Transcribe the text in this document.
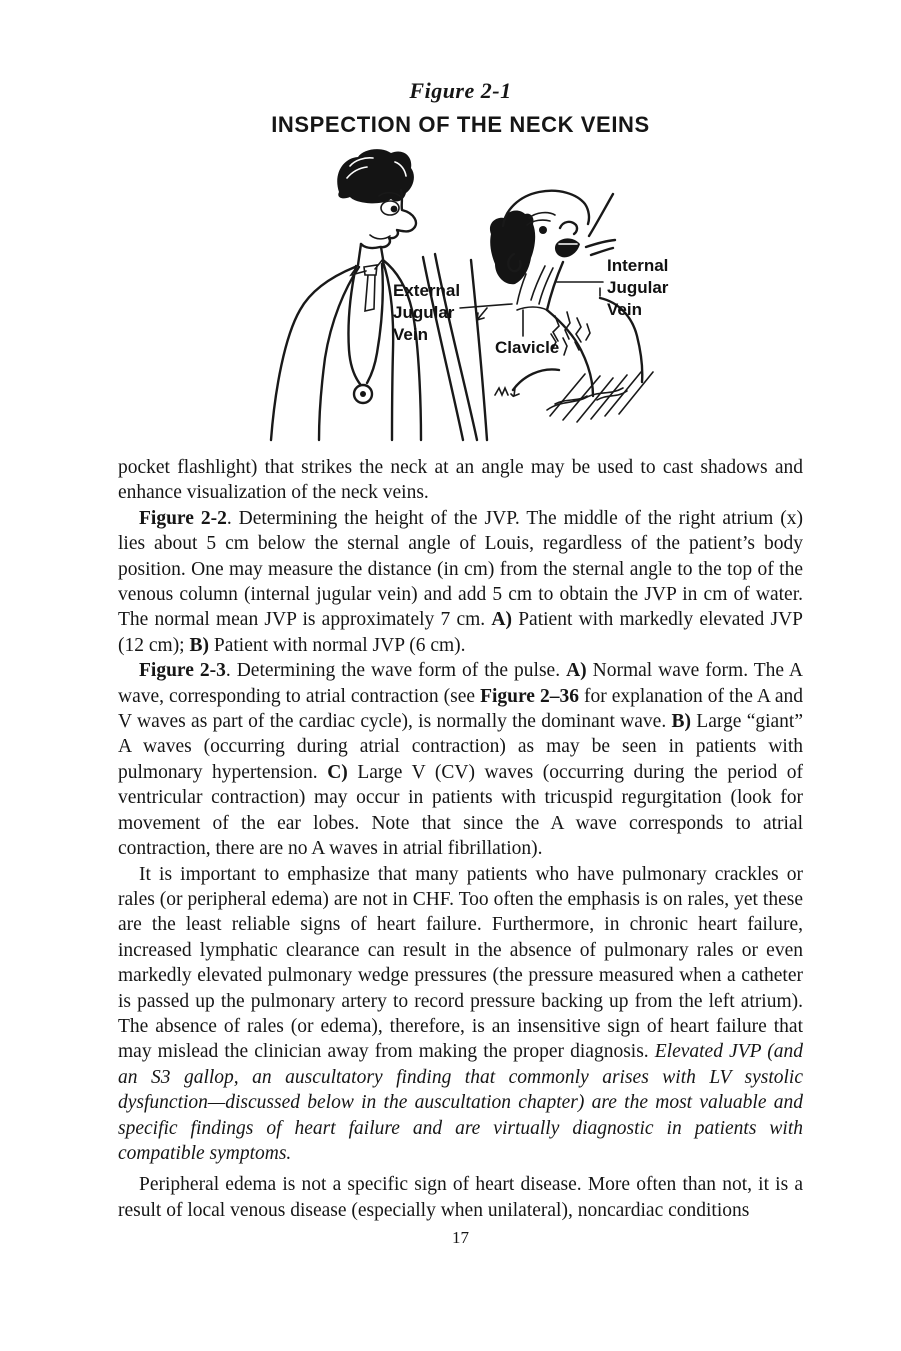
Figure 2-1
INSPECTION OF THE NECK VEINS
External
Jugular
Vein
Internal
Jugular
Vein
Clavicle

pocket flashlight) that strikes the neck at an angle may be used to cast shadows and enhance visualization of the neck veins.

Figure 2-2. Determining the height of the JVP. The middle of the right atrium (x) lies about 5 cm below the sternal angle of Louis, regardless of the patient’s body position. One may measure the distance (in cm) from the sternal angle to the top of the venous column (internal jugular vein) and add 5 cm to obtain the JVP in cm of water. The normal mean JVP is approximately 7 cm. A) Patient with markedly elevated JVP (12 cm); B) Patient with normal JVP (6 cm).

Figure 2-3. Determining the wave form of the pulse. A) Normal wave form. The A wave, corresponding to atrial contraction (see Figure 2–36 for explanation of the A and V waves as part of the cardiac cycle), is normally the dominant wave. B) Large “giant” A waves (occurring during atrial contraction) as may be seen in patients with pulmonary hypertension. C) Large V (CV) waves (occurring during the period of ventricular contraction) may occur in patients with tricuspid regurgitation (look for movement of the ear lobes. Note that since the A wave corresponds to atrial contraction, there are no A waves in atrial fibrillation).

It is important to emphasize that many patients who have pulmonary crackles or rales (or peripheral edema) are not in CHF. Too often the emphasis is on rales, yet these are the least reliable signs of heart failure. Furthermore, in chronic heart failure, increased lymphatic clearance can result in the absence of pulmonary rales or even markedly elevated pulmonary wedge pressures (the pressure measured when a catheter is passed up the pulmonary artery to record pressure backing up from the left atrium). The absence of rales (or edema), therefore, is an insensitive sign of heart failure that may mislead the clinician away from making the proper diagnosis. Elevated JVP (and an S3 gallop, an auscultatory finding that commonly arises with LV systolic dysfunction—discussed below in the auscultation chapter) are the most valuable and specific findings of heart failure and are virtually diagnostic in patients with compatible symptoms.

Peripheral edema is not a specific sign of heart disease. More often than not, it is a result of local venous disease (especially when unilateral), noncardiac conditions

17
